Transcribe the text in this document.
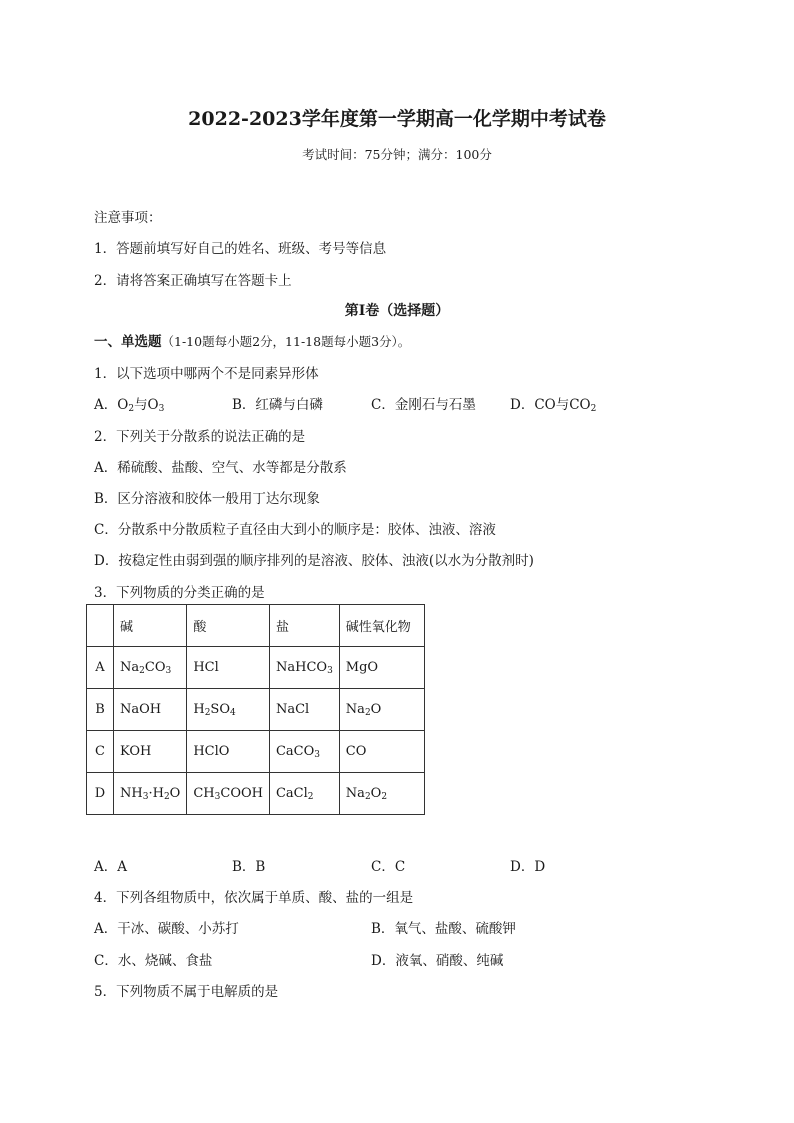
2022-2023学年度第一学期高一化学期中考试卷
考试时间：75分钟；满分：100分
注意事项：
1．答题前填写好自己的姓名、班级、考号等信息
2．请将答案正确填写在答题卡上
第I卷（选择题）
一、单选题（1-10题每小题2分，11-18题每小题3分）。
1．以下选项中哪两个不是同素异形体
A．$O_2$与$O_3$	B．红磷与白磷	C．金刚石与石墨	D．CO与$CO_2$
2．下列关于分散系的说法正确的是
A．稀硫酸、盐酸、空气、水等都是分散系
B．区分溶液和胶体一般用丁达尔现象
C．分散系中分散质粒子直径由大到小的顺序是：胶体、浊液、溶液
D．按稳定性由弱到强的顺序排列的是溶液、胶体、浊液(以水为分散剂时)
3．下列物质的分类正确的是
	碱	酸	盐	碱性氧化物
A	$Na_2CO_3$	HCl	NaHCO$_3$	MgO
B	NaOH	$H_2SO_4$	NaCl	$Na_2O$
C	KOH	HClO	CaCO$_3$	CO
D	$NH_3\cdot H_2O$	$CH_3COOH$	CaCl$_2$	$Na_2O_2$
A．A	B．B	C．C	D．D
4．下列各组物质中，依次属于单质、酸、盐的一组是
A．干冰、碳酸、小苏打	B．氧气、盐酸、硫酸钾
C．水、烧碱、食盐	D．液氧、硝酸、纯碱
5．下列物质不属于电解质的是
